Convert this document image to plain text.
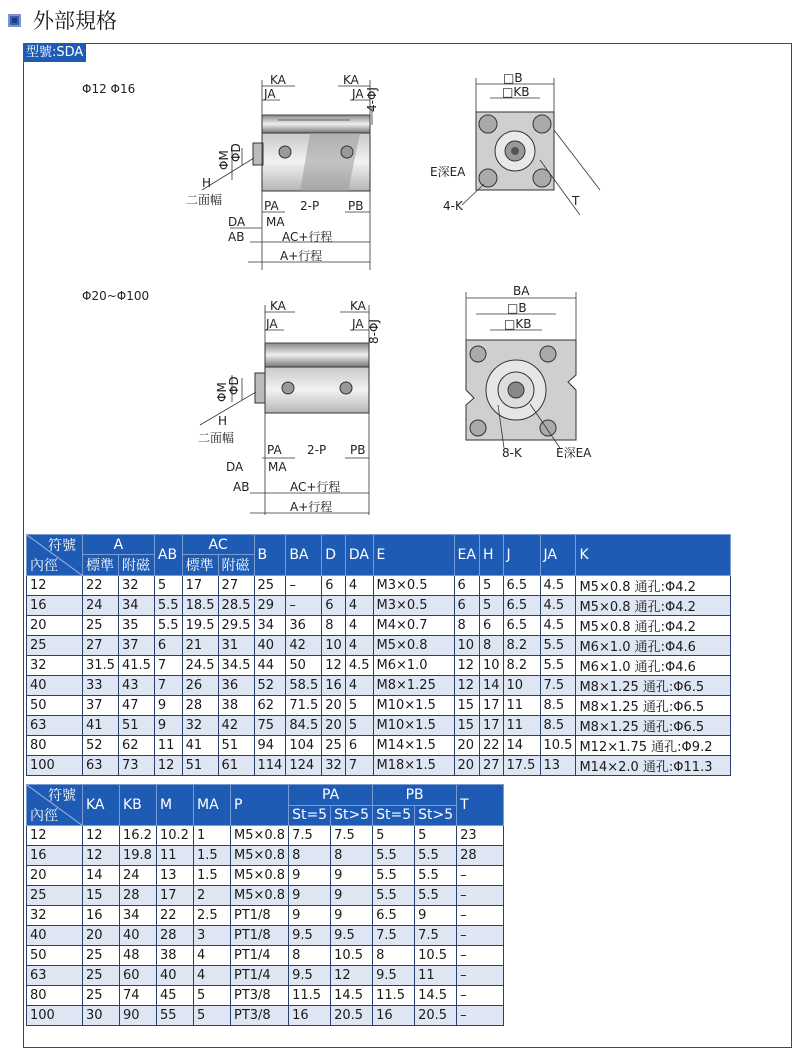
外部規格
型號:SDA
Φ12 Φ16
KA	KA
JA	JA 4-ΦJ
ΦM
ΦD
H
二面幅	PA 2-P PB
DA MA
AB	AC+行程
A+行程
□B
□KB
E深EA
4-K	T
Φ20~Φ100
KA	KA
JA	JA 8-ΦJ
ΦM
ΦD
H
二面幅
PA 2-P PB
DA MA
AB	AC+行程
A+行程
BA
□B
□KB
8-K	E深EA
符號
內徑	A		AB	AC		B	BA	D	DA	E	EA	H	J	JA	K
	標準	附磁		標準	附磁										
12	22	32	5	17	27	25	–	6	4	M3×0.5	6	5	6.5	4.5	M5×0.8 通孔:Φ4.2
16	24	34	5.5	18.5	28.5	29	–	6	4	M3×0.5	6	5	6.5	4.5	M5×0.8 通孔:Φ4.2
20	25	35	5.5	19.5	29.5	34	36	8	4	M4×0.7	8	6	6.5	4.5	M5×0.8 通孔:Φ4.2
25	27	37	6	21	31	40	42	10	4	M5×0.8	10	8	8.2	5.5	M6×1.0 通孔:Φ4.6
32	31.5	41.5	7	24.5	34.5	44	50	12	4.5	M6×1.0	12	10	8.2	5.5	M6×1.0 通孔:Φ4.6
40	33	43	7	26	36	52	58.5	16	4	M8×1.25	12	14	10	7.5	M8×1.25 通孔:Φ6.5
50	37	47	9	28	38	62	71.5	20	5	M10×1.5	15	17	11	8.5	M8×1.25 通孔:Φ6.5
63	41	51	9	32	42	75	84.5	20	5	M10×1.5	15	17	11	8.5	M8×1.25 通孔:Φ6.5
80	52	62	11	41	51	94	104	25	6	M14×1.5	20	22	14	10.5	M12×1.75 通孔:Φ9.2
100	63	73	12	51	61	114	124	32	7	M18×1.5	20	27	17.5	13	M14×2.0 通孔:Φ11.3
符號
內徑	KA	KB	M	MA	P	PA		PB		T
						St=5	St>5	St=5	St>5	
12	12	16.2	10.2	1	M5×0.8	7.5	7.5	5	5	23
16	12	19.8	11	1.5	M5×0.8	8	8	5.5	5.5	28
20	14	24	13	1.5	M5×0.8	9	9	5.5	5.5	–
25	15	28	17	2	M5×0.8	9	9	5.5	5.5	–
32	16	34	22	2.5	PT1/8	9	9	6.5	9	–
40	20	40	28	3	PT1/8	9.5	9.5	7.5	7.5	–
50	25	48	38	4	PT1/4	8	10.5	8	10.5	–
63	25	60	40	4	PT1/4	9.5	12	9.5	11	–
80	25	74	45	5	PT3/8	11.5	14.5	11.5	14.5	–
100	30	90	55	5	PT3/8	16	20.5	16	20.5	–
